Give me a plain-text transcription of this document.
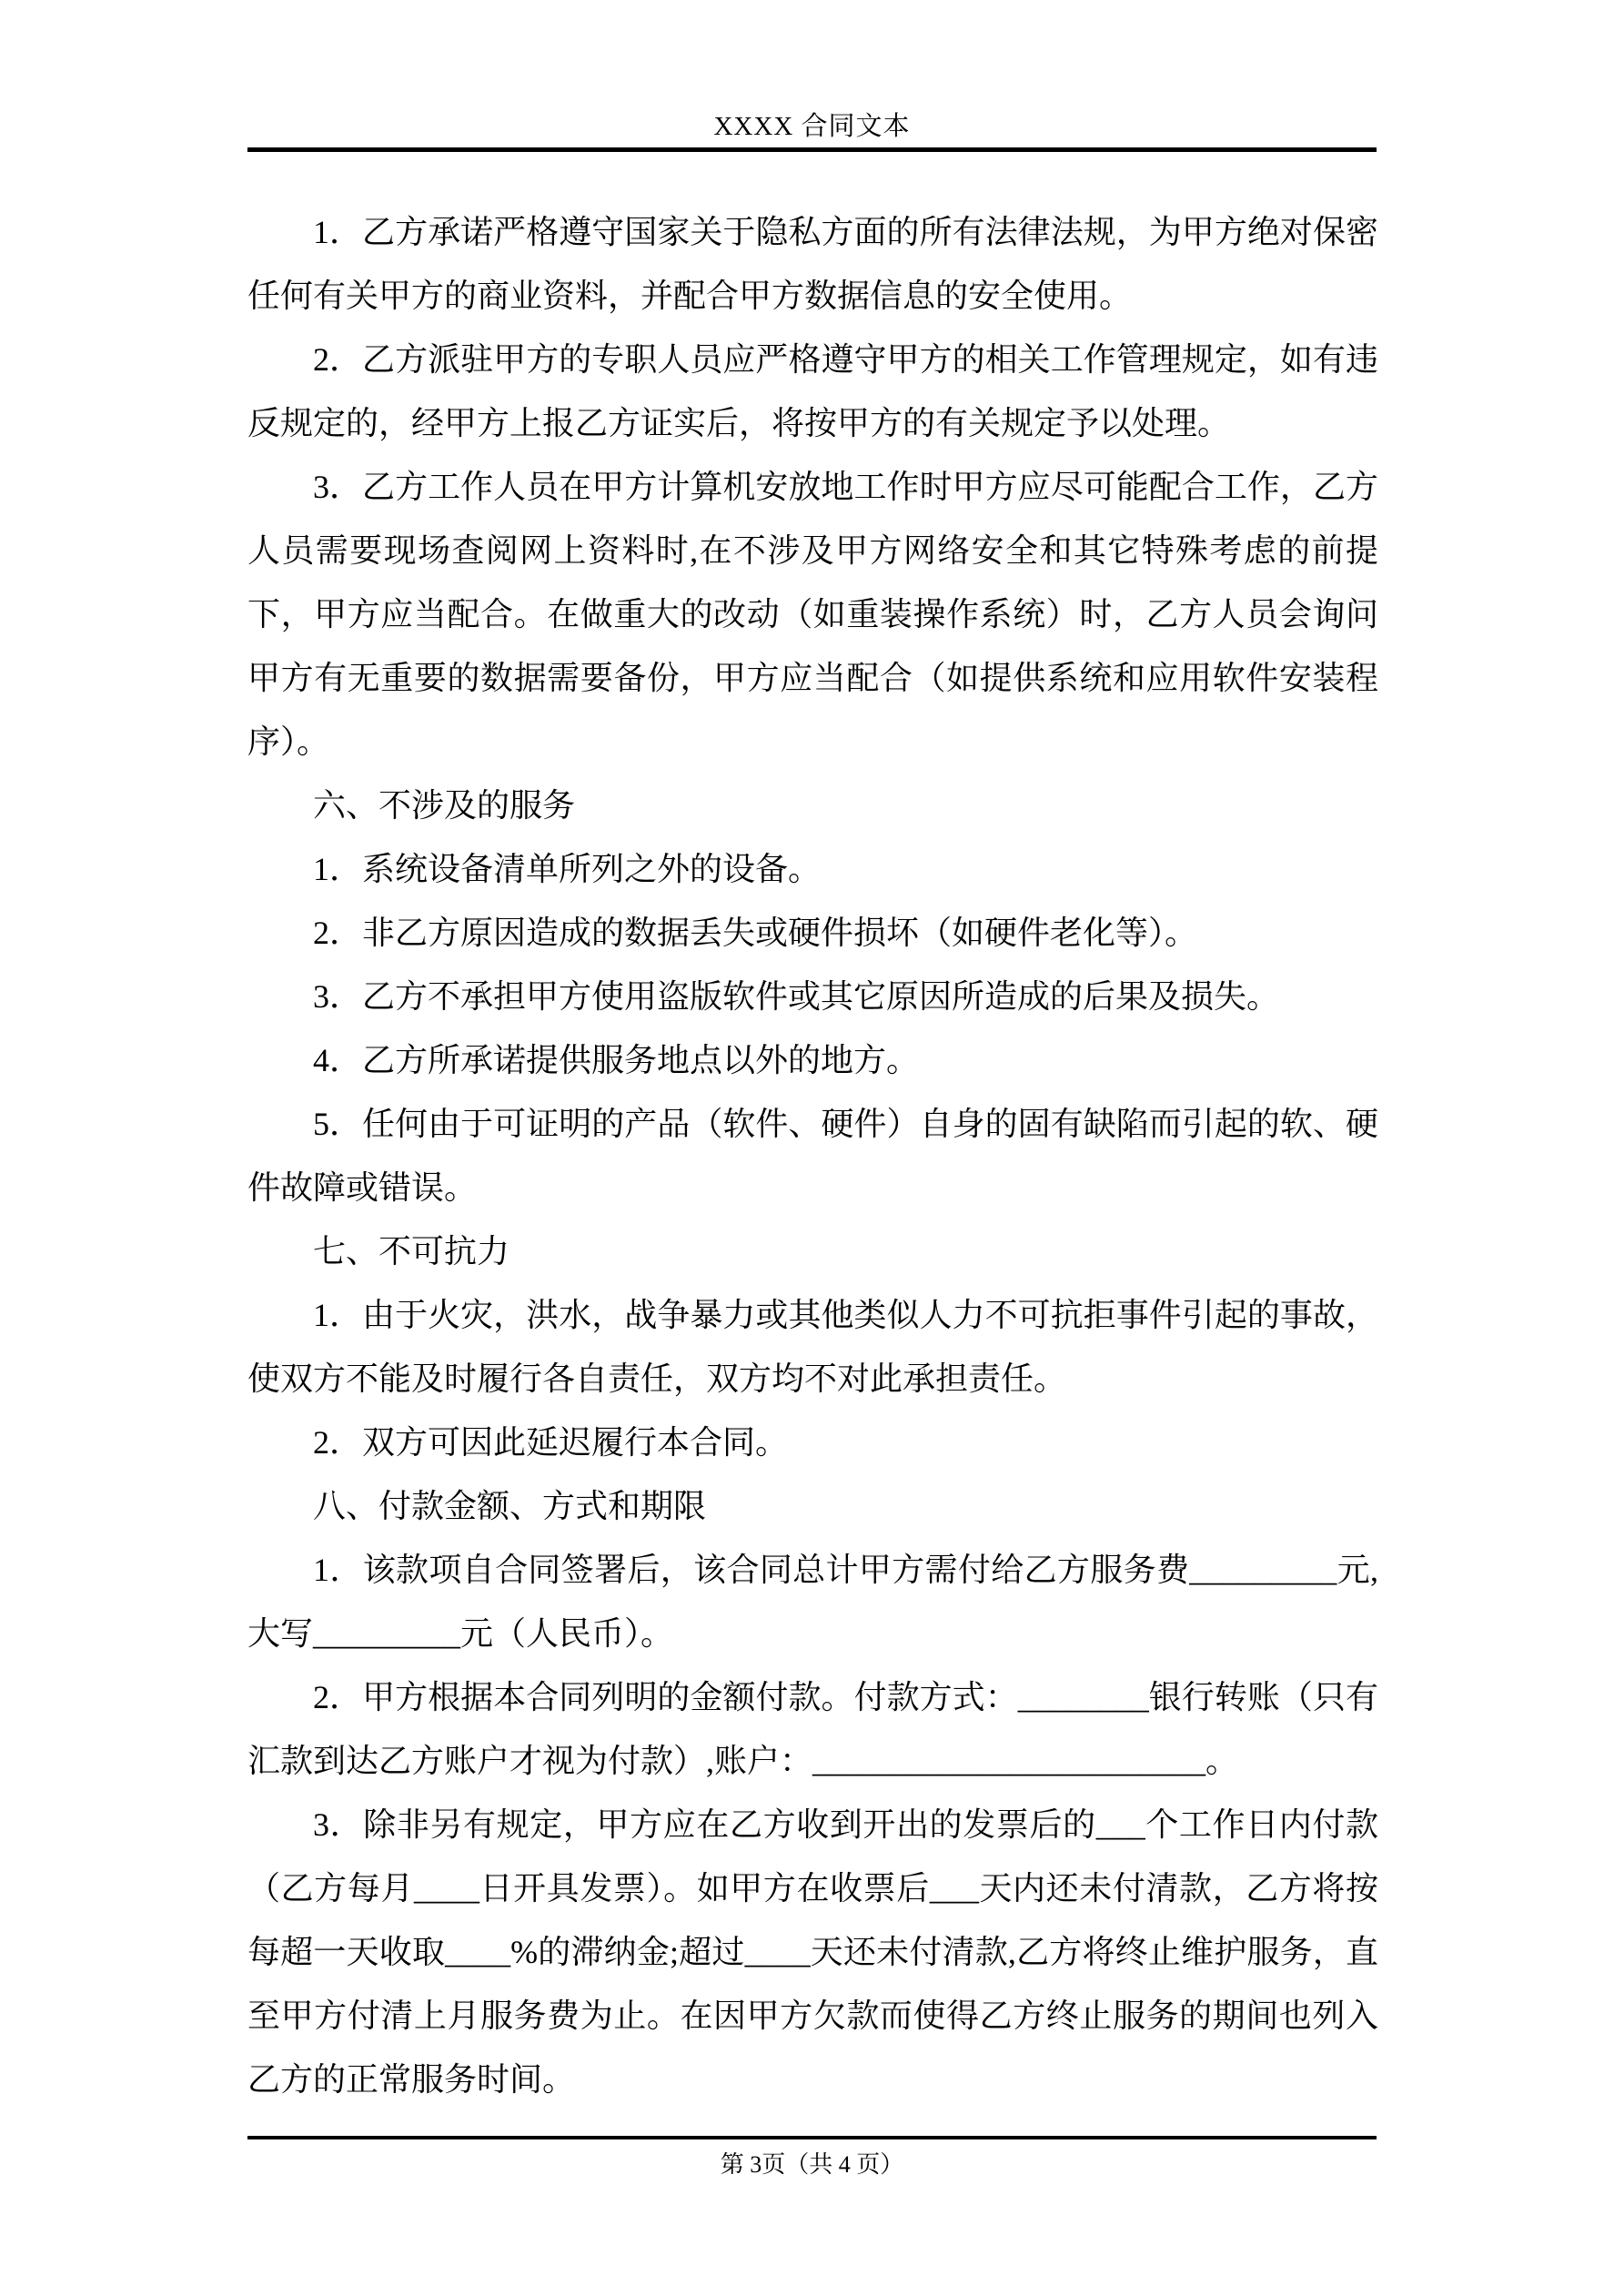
XXXX 合同文本

1．乙方承诺严格遵守国家关于隐私方面的所有法律法规，为甲方绝对保密任何有关甲方的商业资料，并配合甲方数据信息的安全使用。

2．乙方派驻甲方的专职人员应严格遵守甲方的相关工作管理规定，如有违反规定的，经甲方上报乙方证实后，将按甲方的有关规定予以处理。

3．乙方工作人员在甲方计算机安放地工作时甲方应尽可能配合工作，乙方人员需要现场查阅网上资料时,在不涉及甲方网络安全和其它特殊考虑的前提下，甲方应当配合。在做重大的改动（如重装操作系统）时，乙方人员会询问甲方有无重要的数据需要备份，甲方应当配合（如提供系统和应用软件安装程序）。

六、不涉及的服务

1．系统设备清单所列之外的设备。

2．非乙方原因造成的数据丢失或硬件损坏（如硬件老化等）。

3．乙方不承担甲方使用盗版软件或其它原因所造成的后果及损失。

4．乙方所承诺提供服务地点以外的地方。

5．任何由于可证明的产品（软件、硬件）自身的固有缺陷而引起的软、硬件故障或错误。

七、不可抗力

1．由于火灾，洪水，战争暴力或其他类似人力不可抗拒事件引起的事故，使双方不能及时履行各自责任，双方均不对此承担责任。

2．双方可因此延迟履行本合同。

八、付款金额、方式和期限

1．该款项自合同签署后，该合同总计甲方需付给乙方服务费_________元,大写_________元（人民币）。

2．甲方根据本合同列明的金额付款。付款方式：________银行转账（只有汇款到达乙方账户才视为付款）,账户：________________________。

3．除非另有规定，甲方应在乙方收到开出的发票后的___个工作日内付款（乙方每月____日开具发票）。如甲方在收票后___天内还未付清款，乙方将按每超一天收取____%的滞纳金;超过____天还未付清款,乙方将终止维护服务，直至甲方付清上月服务费为止。在因甲方欠款而使得乙方终止服务的期间也列入乙方的正常服务时间。

第 3页（共 4 页）
